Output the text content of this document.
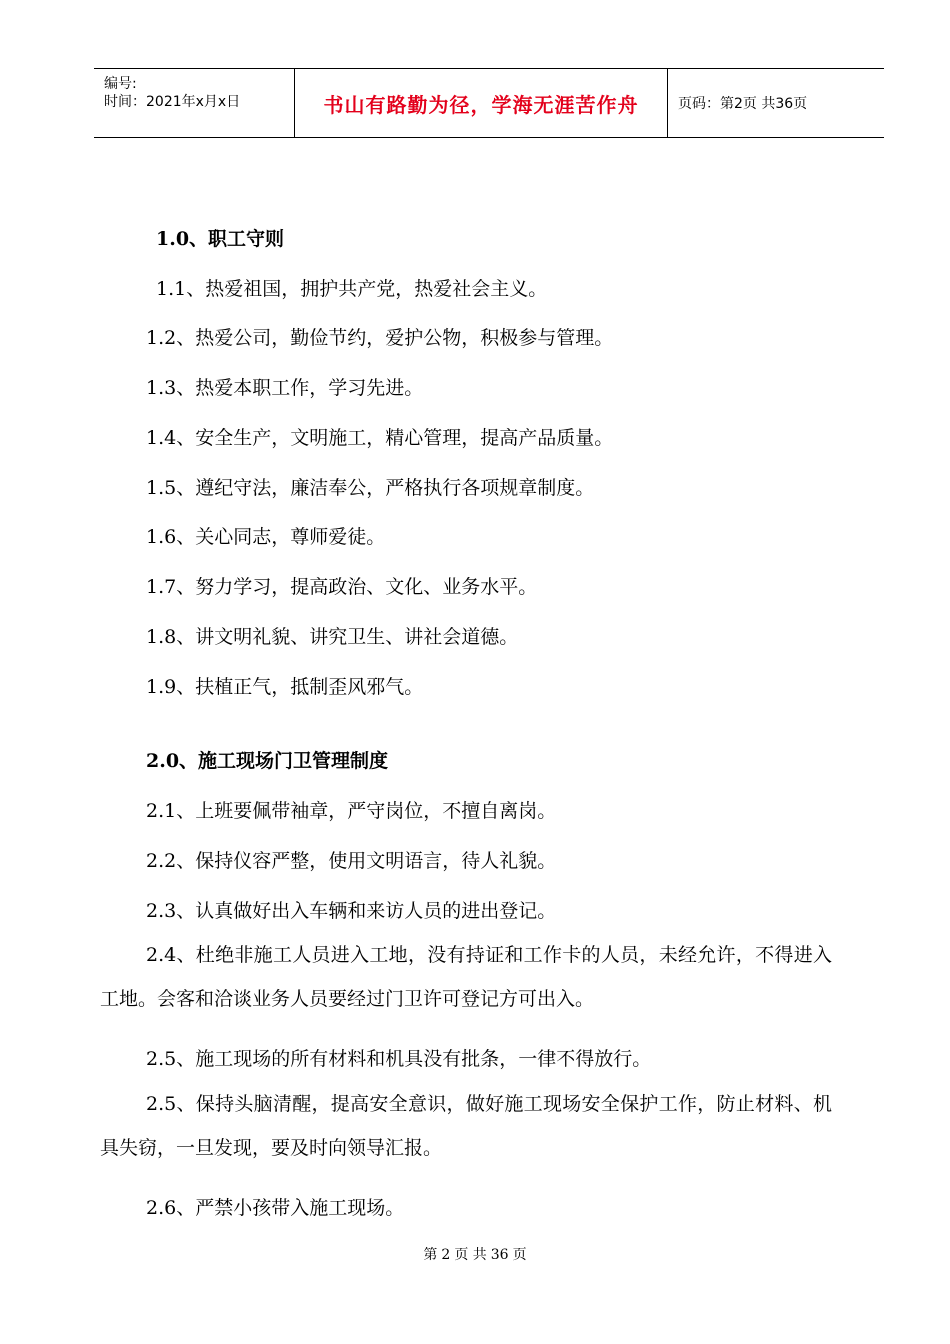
编号:
时间：2021年x月x日	书山有路勤为径，学海无涯苦作舟	页码：第2页 共36页
1.0、职工守则
1.1、热爱祖国，拥护共产党，热爱社会主义。
1.2、热爱公司，勤俭节约，爱护公物，积极参与管理。
1.3、热爱本职工作，学习先进。
1.4、安全生产，文明施工，精心管理，提高产品质量。
1.5、遵纪守法，廉洁奉公，严格执行各项规章制度。
1.6、关心同志，尊师爱徒。
1.7、努力学习，提高政治、文化、业务水平。
1.8、讲文明礼貌、讲究卫生、讲社会道德。
1.9、扶植正气，抵制歪风邪气。
2.0、施工现场门卫管理制度
2.1、上班要佩带袖章，严守岗位，不擅自离岗。
2.2、保持仪容严整，使用文明语言，待人礼貌。
2.3、认真做好出入车辆和来访人员的进出登记。
2.4、杜绝非施工人员进入工地，没有持证和工作卡的人员，未经允许，不得进入工地。会客和洽谈业务人员要经过门卫许可登记方可出入。
2.5、施工现场的所有材料和机具没有批条，一律不得放行。
2.5、保持头脑清醒，提高安全意识，做好施工现场安全保护工作，防止材料、机具失窃，一旦发现，要及时向领导汇报。
2.6、严禁小孩带入施工现场。
第 2 页 共 36 页
